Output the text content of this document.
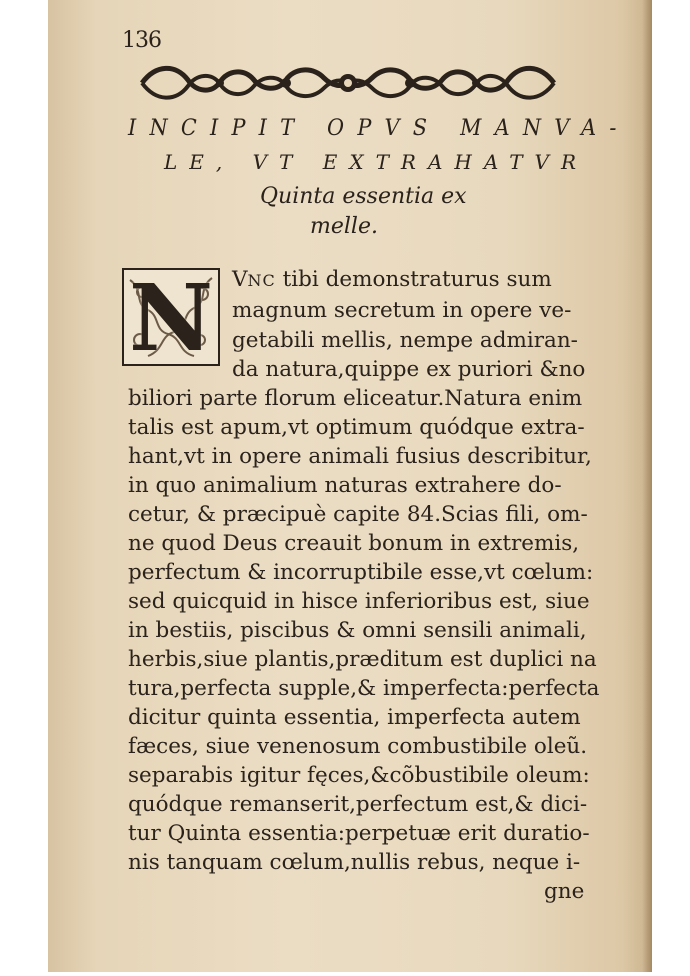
136
INCIPIT OPVS MANVA-
LE, VT EXTRAHATVR
Quinta essentia ex
melle.
N VNC tibi demonstraturus sum
magnum secretum in opere ve-
getabili mellis, nempe admiran-
da natura,quippe ex puriori &no
biliori parte florum eliceatur.Natura enim
talis est apum,vt optimum quódque extra-
hant,vt in opere animali fusius describitur,
in quo animalium naturas extrahere do-
cetur, & præcipuè capite 84.Scias fili, om-
ne quod Deus creauit bonum in extremis,
perfectum & incorruptibile esse,vt cœlum:
sed quicquid in hisce inferioribus est, siue
in bestiis, piscibus & omni sensili animali,
herbis,siue plantis,præditum est duplici na
tura,perfecta supple,& imperfecta:perfecta
dicitur quinta essentia, imperfecta autem
fæces, siue venenosum combustibile oleũ.
separabis igitur fęces,&cõbustibile oleum:
quódque remanserit,perfectum est,& dici-
tur Quinta essentia:perpetuæ erit duratio-
nis tanquam cœlum,nullis rebus, neque i-
gne
